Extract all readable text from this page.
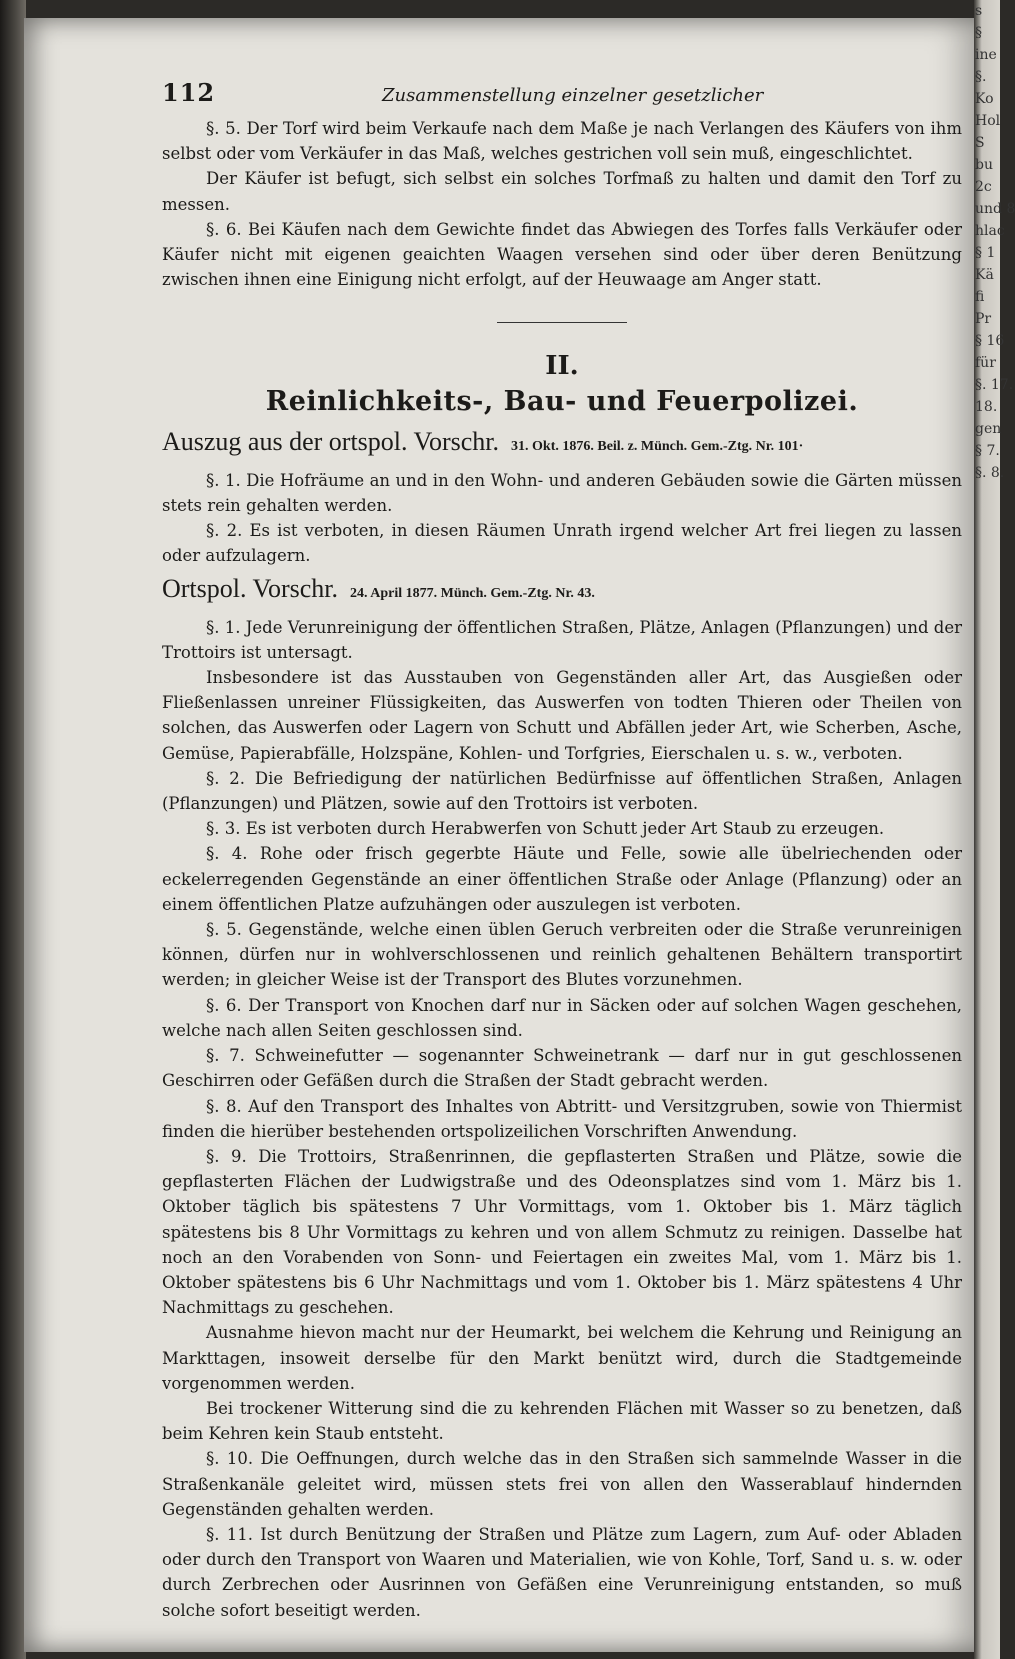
112	Zusammenstellung einzelner gesetzlicher

§. 5. Der Torf wird beim Verkaufe nach dem Maße je nach Verlangen des Käufers von ihm selbst oder vom Verkäufer in das Maß, welches gestrichen voll sein muß, eingeschlichtet.

Der Käufer ist befugt, sich selbst ein solches Torfmaß zu halten und damit den Torf zu messen.

§. 6. Bei Käufen nach dem Gewichte findet das Abwiegen des Torfes falls Verkäufer oder Käufer nicht mit eigenen geaichten Waagen versehen sind oder über deren Benützung zwischen ihnen eine Einigung nicht erfolgt, auf der Heuwaage am Anger statt.

II.
Reinlichkeits-, Bau- und Feuerpolizei.
Auszug aus der ortspol. Vorschr. 31. Okt. 1876. Beil. z. Münch. Gem.-Ztg. Nr. 101·

§. 1. Die Hofräume an und in den Wohn- und anderen Gebäuden sowie die Gärten müssen stets rein gehalten werden.

§. 2. Es ist verboten, in diesen Räumen Unrath irgend welcher Art frei liegen zu lassen oder aufzulagern.

Ortspol. Vorschr. 24. April 1877. Münch. Gem.-Ztg. Nr. 43.

§. 1. Jede Verunreinigung der öffentlichen Straßen, Plätze, Anlagen (Pflanzungen) und der Trottoirs ist untersagt.

Insbesondere ist das Ausstauben von Gegenständen aller Art, das Ausgießen oder Fließenlassen unreiner Flüssigkeiten, das Auswerfen von todten Thieren oder Theilen von solchen, das Auswerfen oder Lagern von Schutt und Abfällen jeder Art, wie Scherben, Asche, Gemüse, Papierabfälle, Holzspäne, Kohlen- und Torfgries, Eierschalen u. s. w., verboten.

§. 2. Die Befriedigung der natürlichen Bedürfnisse auf öffentlichen Straßen, Anlagen (Pflanzungen) und Plätzen, sowie auf den Trottoirs ist verboten.

§. 3. Es ist verboten durch Herabwerfen von Schutt jeder Art Staub zu erzeugen.

§. 4. Rohe oder frisch gegerbte Häute und Felle, sowie alle übelriechenden oder eckelerregenden Gegenstände an einer öffentlichen Straße oder Anlage (Pflanzung) oder an einem öffentlichen Platze aufzuhängen oder auszulegen ist verboten.

§. 5. Gegenstände, welche einen üblen Geruch verbreiten oder die Straße verunreinigen können, dürfen nur in wohlverschlossenen und reinlich gehaltenen Behältern transportirt werden; in gleicher Weise ist der Transport des Blutes vorzunehmen.

§. 6. Der Transport von Knochen darf nur in Säcken oder auf solchen Wagen geschehen, welche nach allen Seiten geschlossen sind.

§. 7. Schweinefutter — sogenannter Schweinetrank — darf nur in gut geschlossenen Geschirren oder Gefäßen durch die Straßen der Stadt gebracht werden.

§. 8. Auf den Transport des Inhaltes von Abtritt- und Versitzgruben, sowie von Thiermist finden die hierüber bestehenden ortspolizeilichen Vorschriften Anwendung.

§. 9. Die Trottoirs, Straßenrinnen, die gepflasterten Straßen und Plätze, sowie die gepflasterten Flächen der Ludwigstraße und des Odeonsplatzes sind vom 1. März bis 1. Oktober täglich bis spätestens 7 Uhr Vormittags, vom 1. Oktober bis 1. März täglich spätestens bis 8 Uhr Vormittags zu kehren und von allem Schmutz zu reinigen. Dasselbe hat noch an den Vorabenden von Sonn- und Feiertagen ein zweites Mal, vom 1. März bis 1. Oktober spätestens bis 6 Uhr Nachmittags und vom 1. Oktober bis 1. März spätestens 4 Uhr Nachmittags zu geschehen.

Ausnahme hievon macht nur der Heumarkt, bei welchem die Kehrung und Reinigung an Markttagen, insoweit derselbe für den Markt benützt wird, durch die Stadtgemeinde vorgenommen werden.

Bei trockener Witterung sind die zu kehrenden Flächen mit Wasser so zu benetzen, daß beim Kehren kein Staub entsteht.

§. 10. Die Oeffnungen, durch welche das in den Straßen sich sammelnde Wasser in die Straßenkanäle geleitet wird, müssen stets frei von allen den Wasserablauf hindernden Gegenständen gehalten werden.

§. 11. Ist durch Benützung der Straßen und Plätze zum Lagern, zum Auf- oder Abladen oder durch den Transport von Waaren und Materialien, wie von Kohle, Torf, Sand u. s. w. oder durch Zerbrechen oder Ausrinnen von Gefäßen eine Verunreinigung entstanden, so muß solche sofort beseitigt werden.

s
§
ine
§.
Ko
Hol
S
bu
2c
und 8
hlac
§ 1
Kä
fi
Pr
§ 16
für
§. 17.
18.
gen
§ 7.
§. 8.
